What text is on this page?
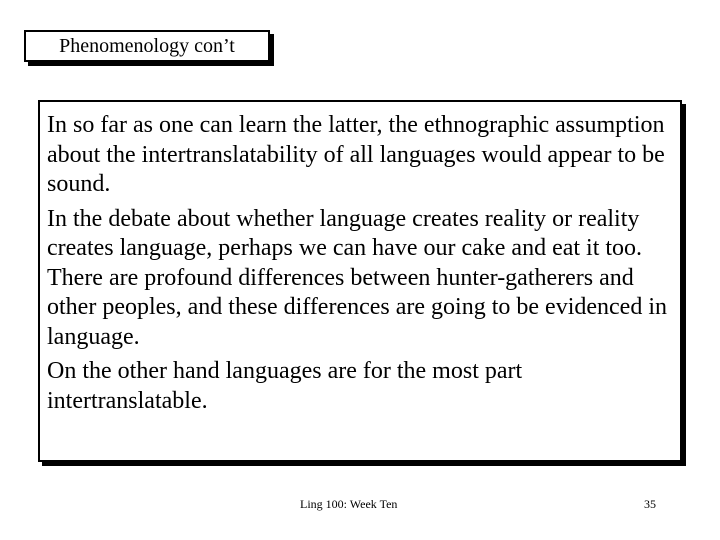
Phenomenology con’t

In so far as one can learn the latter, the ethnographic assumption about the intertranslatability of all languages would appear to be sound.

In the debate about whether language creates reality or reality creates language, perhaps we can have our cake and eat it too. There are profound differences between hunter-gatherers and other peoples, and these differences are going to be evidenced in language.

On the other hand languages are for the most part intertranslatable.

Ling 100: Week Ten	35
